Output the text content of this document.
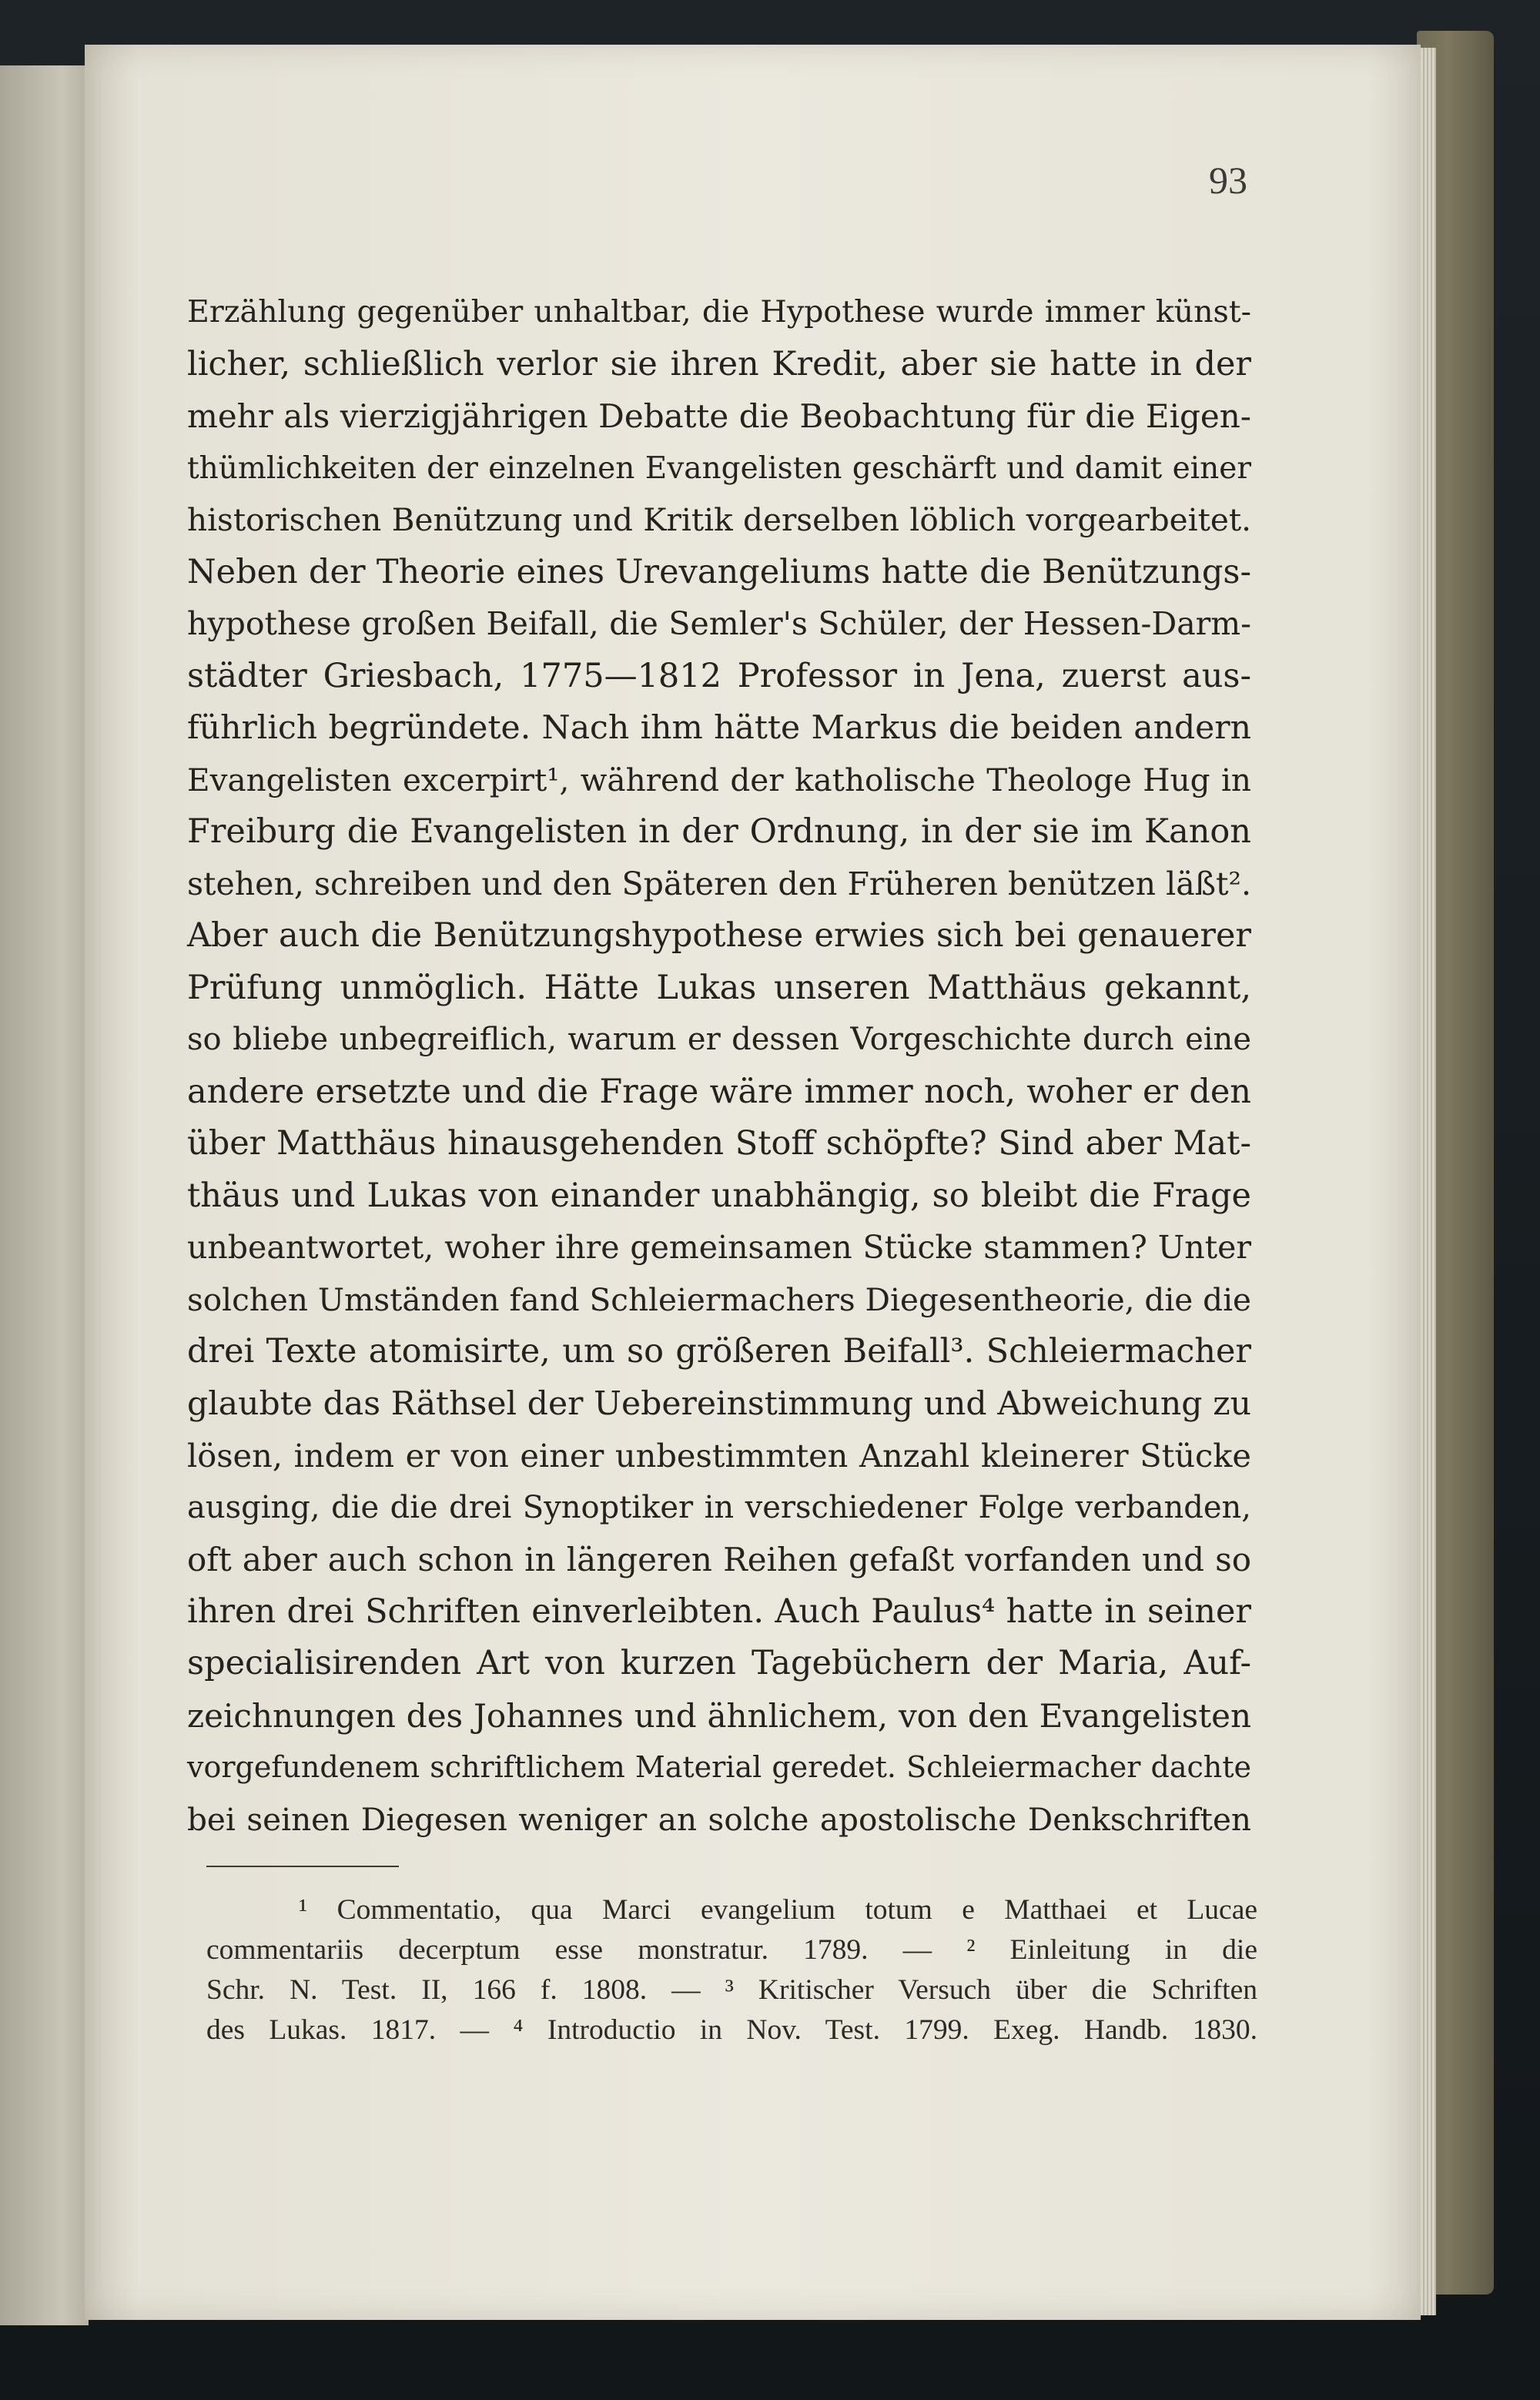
93
Erzählung gegenüber unhaltbar, die Hypothese wurde immer künst-
licher, schließlich verlor sie ihren Kredit, aber sie hatte in der
mehr als vierzigjährigen Debatte die Beobachtung für die Eigen-
thümlichkeiten der einzelnen Evangelisten geschärft und damit einer
historischen Benützung und Kritik derselben löblich vorgearbeitet.
Neben der Theorie eines Urevangeliums hatte die Benützungs-
hypothese großen Beifall, die Semler's Schüler, der Hessen-Darm-
städter Griesbach, 1775—1812 Professor in Jena, zuerst aus-
führlich begründete. Nach ihm hätte Markus die beiden andern
Evangelisten excerpirt¹, während der katholische Theologe Hug in
Freiburg die Evangelisten in der Ordnung, in der sie im Kanon
stehen, schreiben und den Späteren den Früheren benützen läßt².
Aber auch die Benützungshypothese erwies sich bei genauerer
Prüfung unmöglich. Hätte Lukas unseren Matthäus gekannt,
so bliebe unbegreiflich, warum er dessen Vorgeschichte durch eine
andere ersetzte und die Frage wäre immer noch, woher er den
über Matthäus hinausgehenden Stoff schöpfte? Sind aber Mat-
thäus und Lukas von einander unabhängig, so bleibt die Frage
unbeantwortet, woher ihre gemeinsamen Stücke stammen? Unter
solchen Umständen fand Schleiermachers Diegesentheorie, die die
drei Texte atomisirte, um so größeren Beifall³. Schleiermacher
glaubte das Räthsel der Uebereinstimmung und Abweichung zu
lösen, indem er von einer unbestimmten Anzahl kleinerer Stücke
ausging, die die drei Synoptiker in verschiedener Folge verbanden,
oft aber auch schon in längeren Reihen gefaßt vorfanden und so
ihren drei Schriften einverleibten. Auch Paulus⁴ hatte in seiner
specialisirenden Art von kurzen Tagebüchern der Maria, Auf-
zeichnungen des Johannes und ähnlichem, von den Evangelisten
vorgefundenem schriftlichem Material geredet. Schleiermacher dachte
bei seinen Diegesen weniger an solche apostolische Denkschriften
¹ Commentatio, qua Marci evangelium totum e Matthaei et Lucae
commentariis decerptum esse monstratur. 1789. — ² Einleitung in die
Schr. N. Test. II, 166 f. 1808. — ³ Kritischer Versuch über die Schriften
des Lukas. 1817. — ⁴ Introductio in Nov. Test. 1799. Exeg. Handb. 1830.
